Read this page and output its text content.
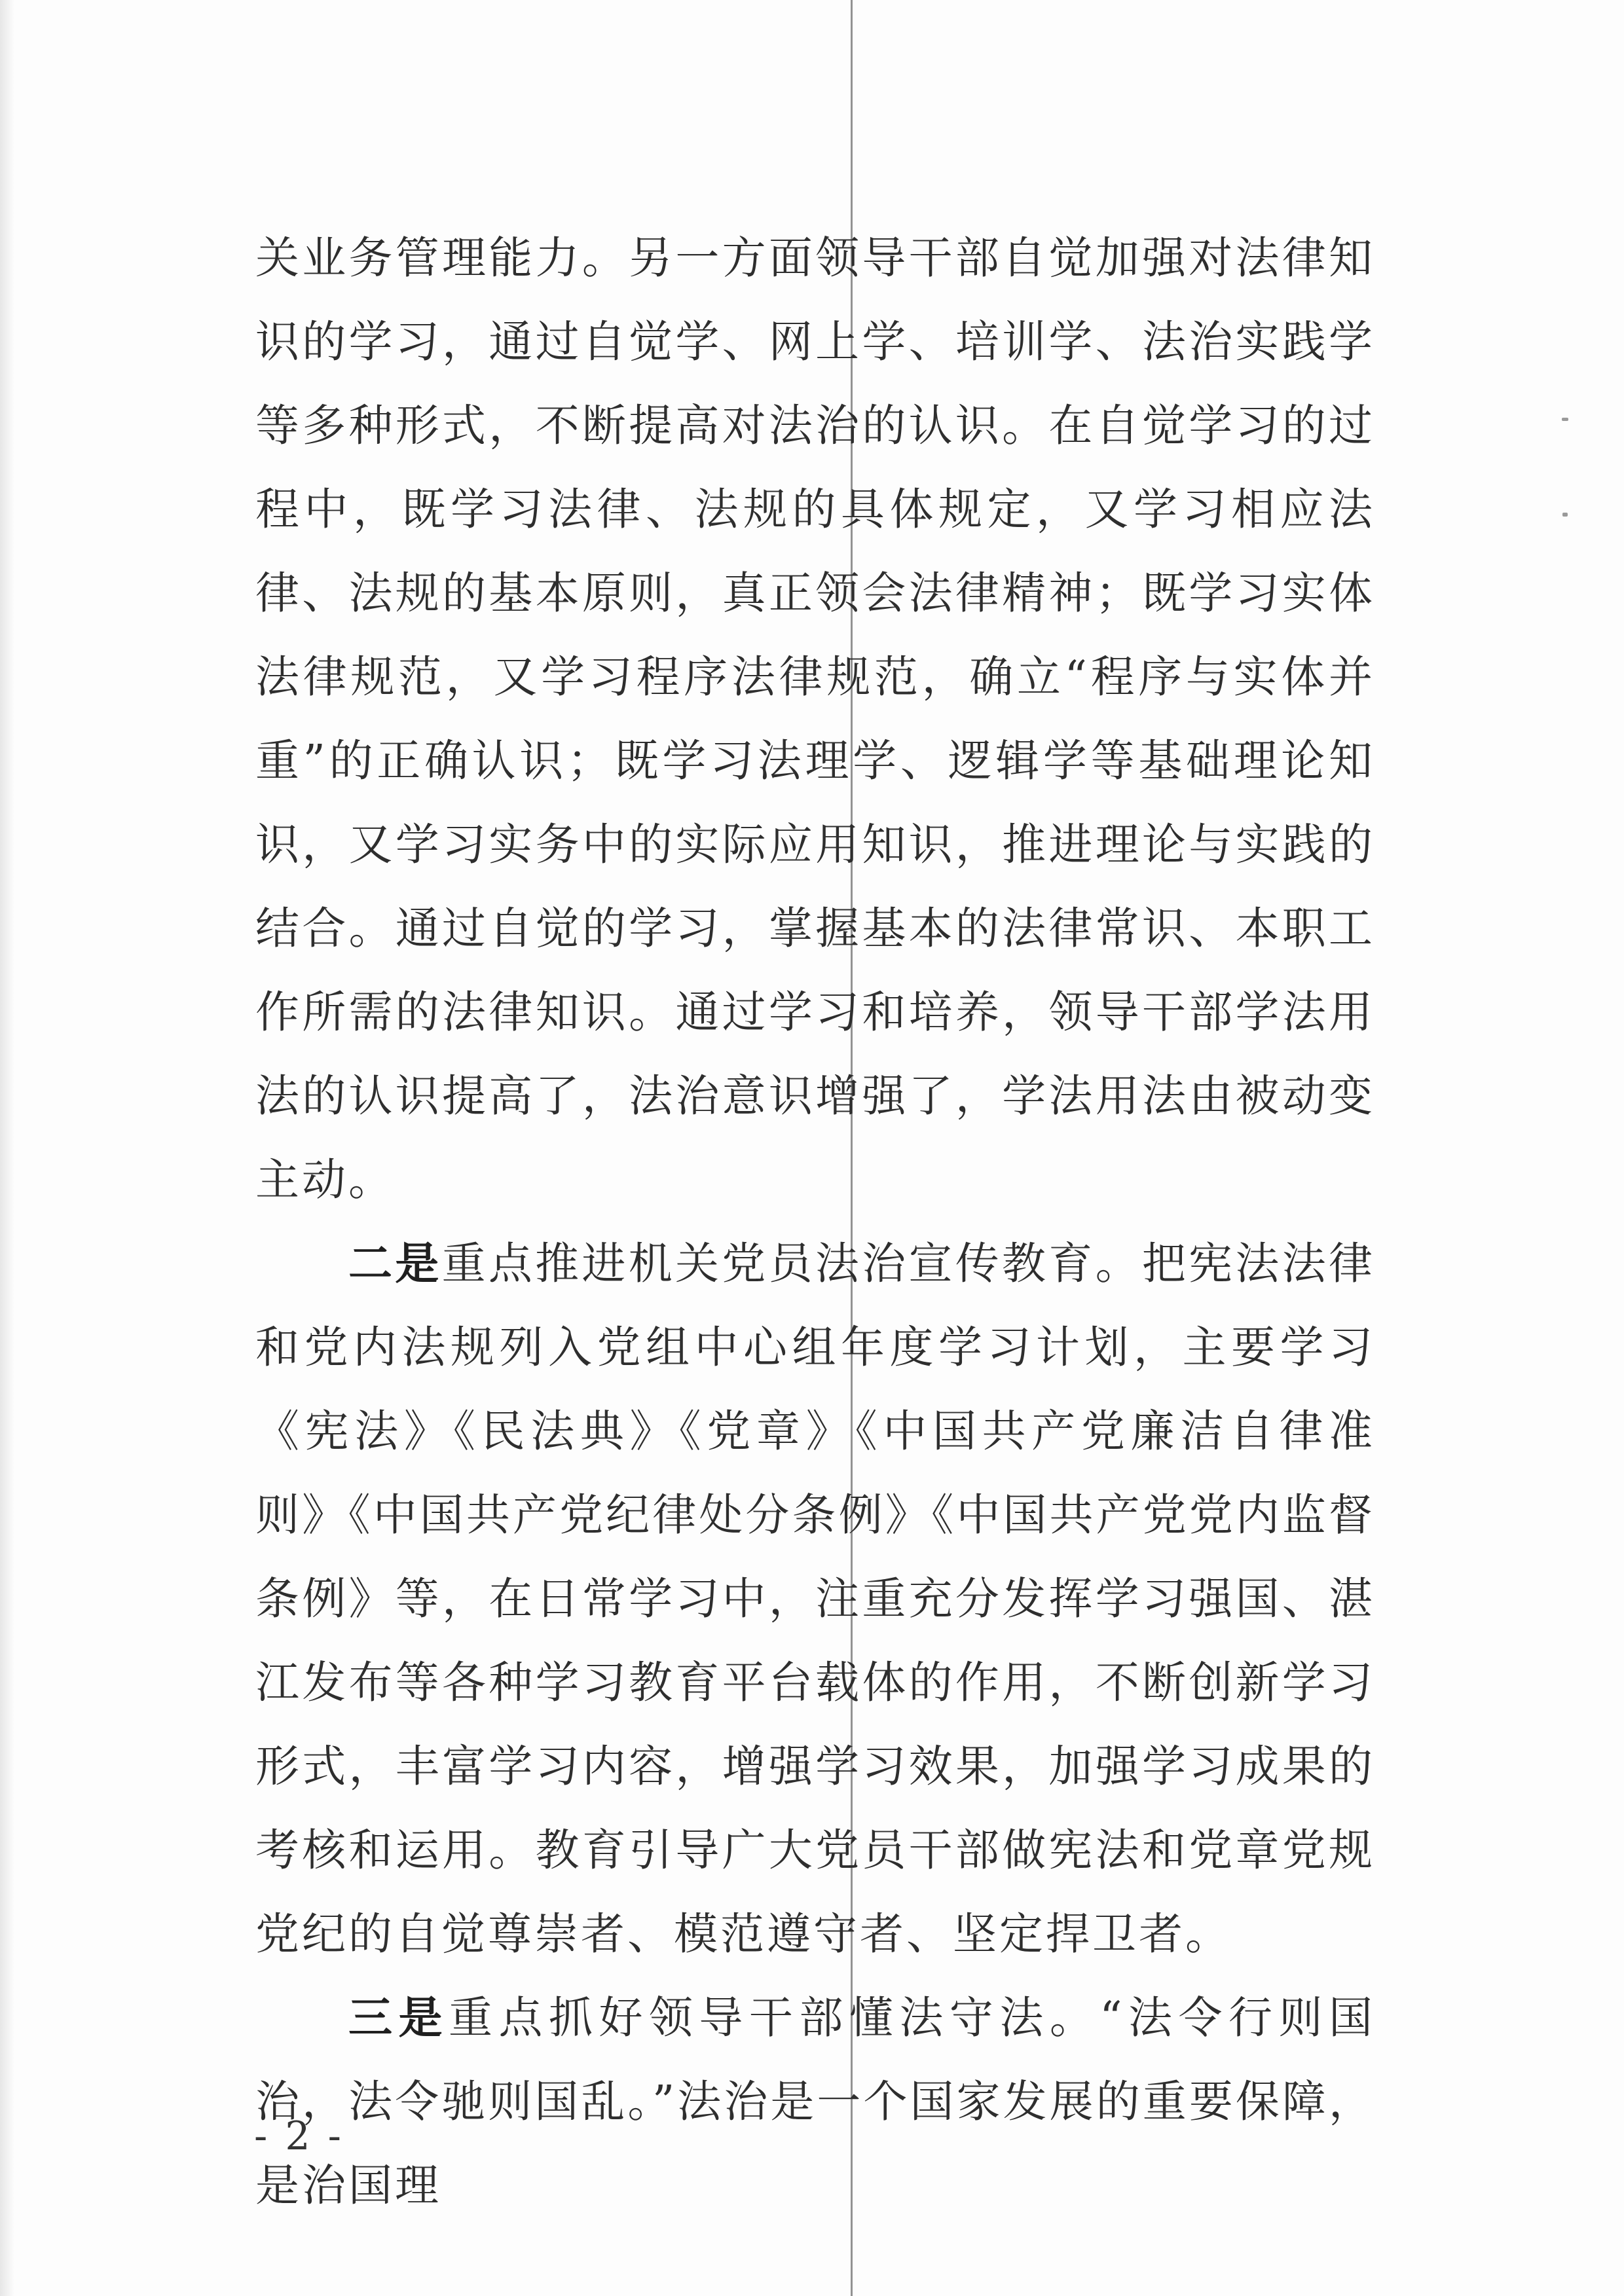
关业务管理能力。另一方面领导干部自觉加强对法律知识的学习，通过自觉学、网上学、培训学、法治实践学等多种形式，不断提高对法治的认识。在自觉学习的过程中，既学习法律、法规的具体规定，又学习相应法律、法规的基本原则，真正领会法律精神；既学习实体法律规范，又学习程序法律规范，确立“程序与实体并重”的正确认识；既学习法理学、逻辑学等基础理论知识，又学习实务中的实际应用知识，推进理论与实践的结合。通过自觉的学习，掌握基本的法律常识、本职工作所需的法律知识。通过学习和培养，领导干部学法用法的认识提高了，法治意识增强了，学法用法由被动变主动。

二是重点推进机关党员法治宣传教育。把宪法法律和党内法规列入党组中心组年度学习计划，主要学习《宪法》《民法典》《党章》《中国共产党廉洁自律准则》《中国共产党纪律处分条例》《中国共产党党内监督条例》等，在日常学习中，注重充分发挥学习强国、湛江发布等各种学习教育平台载体的作用，不断创新学习形式，丰富学习内容，增强学习效果，加强学习成果的考核和运用。教育引导广大党员干部做宪法和党章党规党纪的自觉尊崇者、模范遵守者、坚定捍卫者。

三是重点抓好领导干部懂法守法。“法令行则国治，法令驰则国乱。”法治是一个国家发展的重要保障，是治国理

- 2 -
